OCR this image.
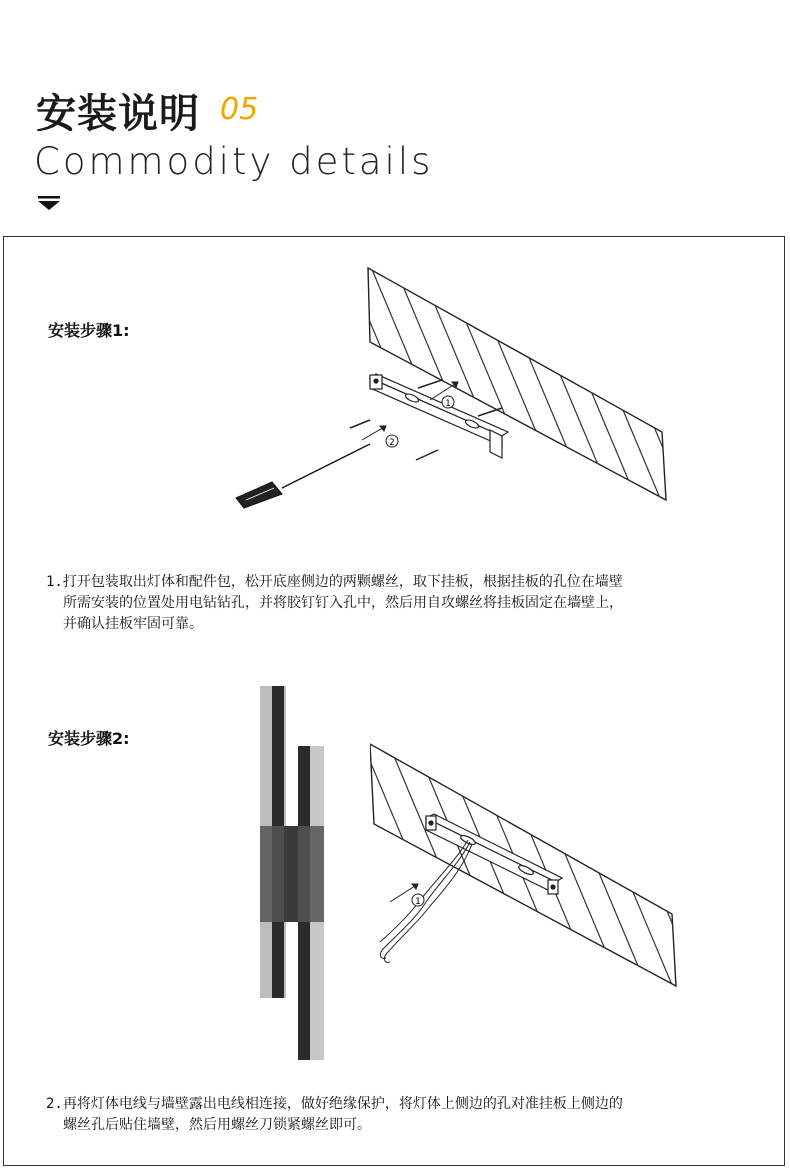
安装说明 05
Commodity details
安装步骤1:
1
2
1.打开包装取出灯体和配件包，松开底座侧边的两颗螺丝，取下挂板，根据挂板的孔位在墙壁
所需安装的位置处用电钻钻孔，并将胶钉钉入孔中，然后用自攻螺丝将挂板固定在墙壁上，
并确认挂板牢固可靠。
安装步骤2:
1
2.再将灯体电线与墙壁露出电线相连接，做好绝缘保护，将灯体上侧边的孔对准挂板上侧边的
螺丝孔后贴住墙壁，然后用螺丝刀锁紧螺丝即可。
